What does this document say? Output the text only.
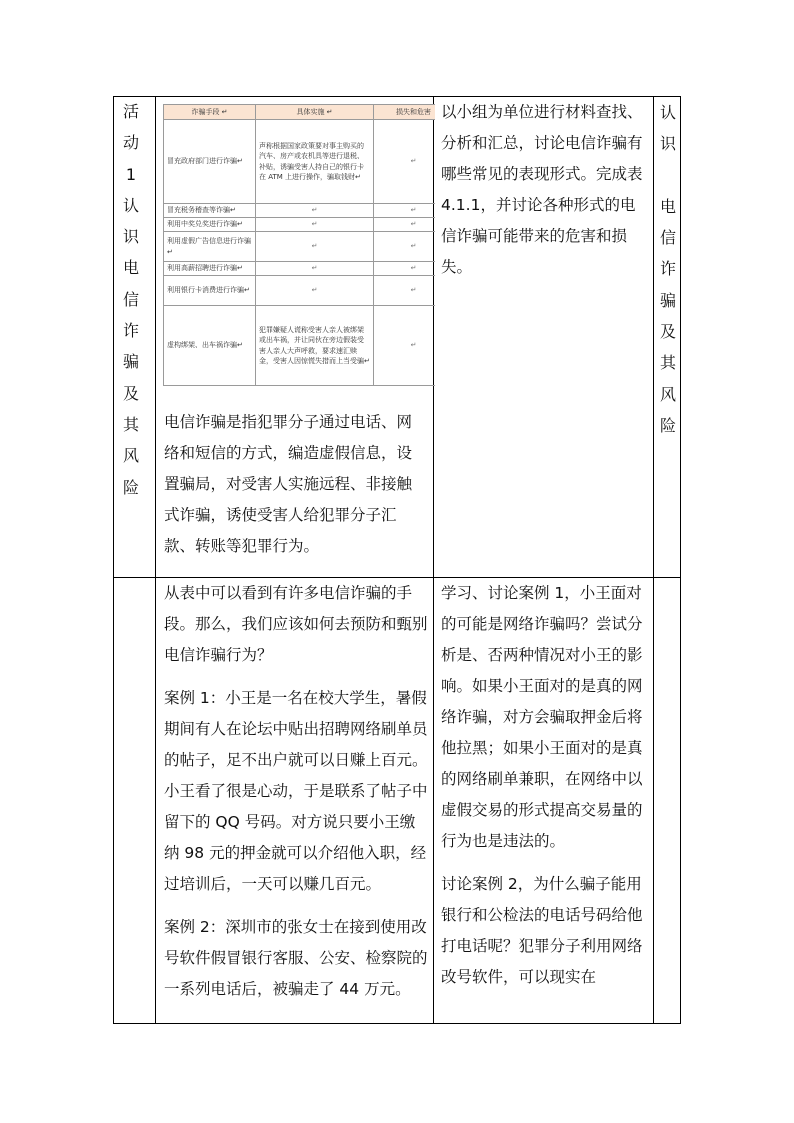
活
动
1
认
识
电
信
诈
骗
及
其
风
险
诈骗手段 ↵	具体实施 ↵	损失和危害
冒充政府部门进行诈骗↵	声称根据国家政策要对事主购买的汽车、房产或农机具等进行退税、补贴，诱骗受害人持自己的银行卡在 ATM 上进行操作，骗取钱财↵	↵
冒充税务稽查等诈骗↵	↵	↵
利用中奖兑奖进行诈骗↵	↵	↵
利用虚假广告信息进行诈骗↵	↵	↵
利用高薪招聘进行诈骗↵	↵	↵
利用银行卡消费进行诈骗↵	↵	↵
虚构绑架、出车祸诈骗↵	犯罪嫌疑人谎称受害人亲人被绑架或出车祸，并让同伙在旁边假装受害人亲人大声呼救，要求速汇赎金，受害人因惊慌失措而上当受骗↵	↵
电信诈骗是指犯罪分子通过电话、网络和短信的方式，编造虚假信息，设置骗局，对受害人实施远程、非接触式诈骗，诱使受害人给犯罪分子汇款、转账等犯罪行为。
以小组为单位进行材料查找、分析和汇总，讨论电信诈骗有哪些常见的表现形式。完成表 4.1.1，并讨论各种形式的电信诈骗可能带来的危害和损失。
认
识

电
信
诈
骗
及
其
风
险

从表中可以看到有许多电信诈骗的手段。那么，我们应该如何去预防和甄别电信诈骗行为？

案例 1：小王是一名在校大学生，暑假期间有人在论坛中贴出招聘网络刷单员的帖子，足不出户就可以日赚上百元。小王看了很是心动，于是联系了帖子中留下的 QQ 号码。对方说只要小王缴纳 98 元的押金就可以介绍他入职，经过培训后，一天可以赚几百元。

案例 2：深圳市的张女士在接到使用改号软件假冒银行客服、公安、检察院的一系列电话后，被骗走了 44 万元。

学习、讨论案例 1，小王面对的可能是网络诈骗吗？尝试分析是、否两种情况对小王的影响。如果小王面对的是真的网络诈骗，对方会骗取押金后将他拉黑；如果小王面对的是真的网络刷单兼职，在网络中以虚假交易的形式提高交易量的行为也是违法的。

讨论案例 2，为什么骗子能用银行和公检法的电话号码给他打电话呢？犯罪分子利用网络改号软件，可以现实在
